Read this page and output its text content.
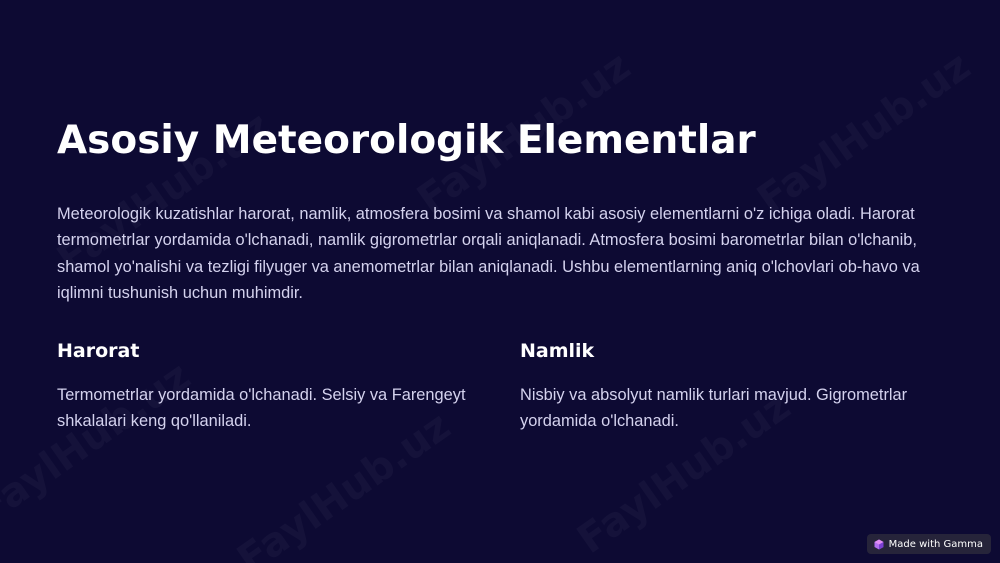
Asosiy Meteorologik Elementlar

Meteorologik kuzatishlar harorat, namlik, atmosfera bosimi va shamol kabi asosiy elementlarni o'z ichiga oladi. Harorat termometrlar yordamida o'lchanadi, namlik gigrometrlar orqali aniqlanadi. Atmosfera bosimi barometrlar bilan o'lchanib, shamol yo'nalishi va tezligi filyuger va anemometrlar bilan aniqlanadi. Ushbu elementlarning aniq o'lchovlari ob-havo va iqlimni tushunish uchun muhimdir.

Harorat

Termometrlar yordamida o'lchanadi. Selsiy va Farengeyt shkalalari keng qo'llaniladi.

Namlik

Nisbiy va absolyut namlik turlari mavjud. Gigrometrlar yordamida o'lchanadi.

Made with Gamma
